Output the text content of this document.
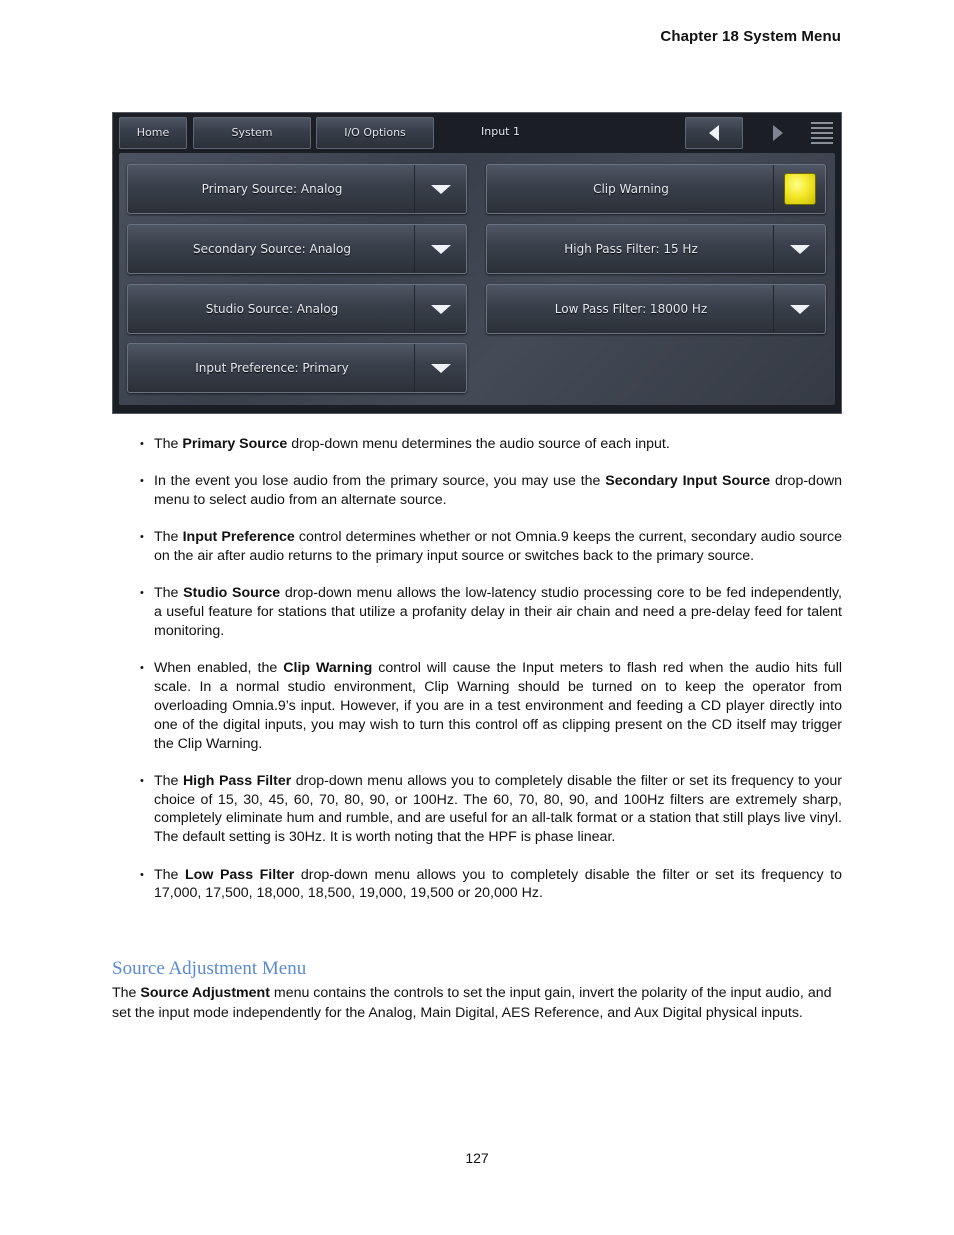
Chapter 18 System Menu
Home	System	I/O Options	Input 1
Primary Source: Analog
Secondary Source: Analog
Studio Source: Analog
Input Preference: Primary
Clip Warning
High Pass Filter: 15 Hz
Low Pass Filter: 18000 Hz
• The Primary Source drop-down menu determines the audio source of each input.
• In the event you lose audio from the primary source, you may use the Secondary Input Source drop-down menu to select audio from an alternate source.
• The Input Preference control determines whether or not Omnia.9 keeps the current, secondary audio source on the air after audio returns to the primary input source or switches back to the primary source.
• The Studio Source drop-down menu allows the low-latency studio processing core to be fed independently, a useful feature for stations that utilize a profanity delay in their air chain and need a pre-delay feed for talent monitoring.
• When enabled, the Clip Warning control will cause the Input meters to flash red when the audio hits full scale. In a normal studio environment, Clip Warning should be turned on to keep the operator from overloading Omnia.9’s input. However, if you are in a test environment and feeding a CD player directly into one of the digital inputs, you may wish to turn this control off as clipping present on the CD itself may trigger the Clip Warning.
• The High Pass Filter drop-down menu allows you to completely disable the filter or set its frequency to your choice of 15, 30, 45, 60, 70, 80, 90, or 100Hz. The 60, 70, 80, 90, and 100Hz filters are extremely sharp, completely eliminate hum and rumble, and are useful for an all-talk format or a station that still plays live vinyl. The default setting is 30Hz. It is worth noting that the HPF is phase linear.
• The Low Pass Filter drop-down menu allows you to completely disable the filter or set its frequency to 17,000, 17,500, 18,000, 18,500, 19,000, 19,500 or 20,000 Hz.
Source Adjustment Menu
The Source Adjustment menu contains the controls to set the input gain, invert the polarity of the input audio, and set the input mode independently for the Analog, Main Digital, AES Reference, and Aux Digital physical inputs.
127
